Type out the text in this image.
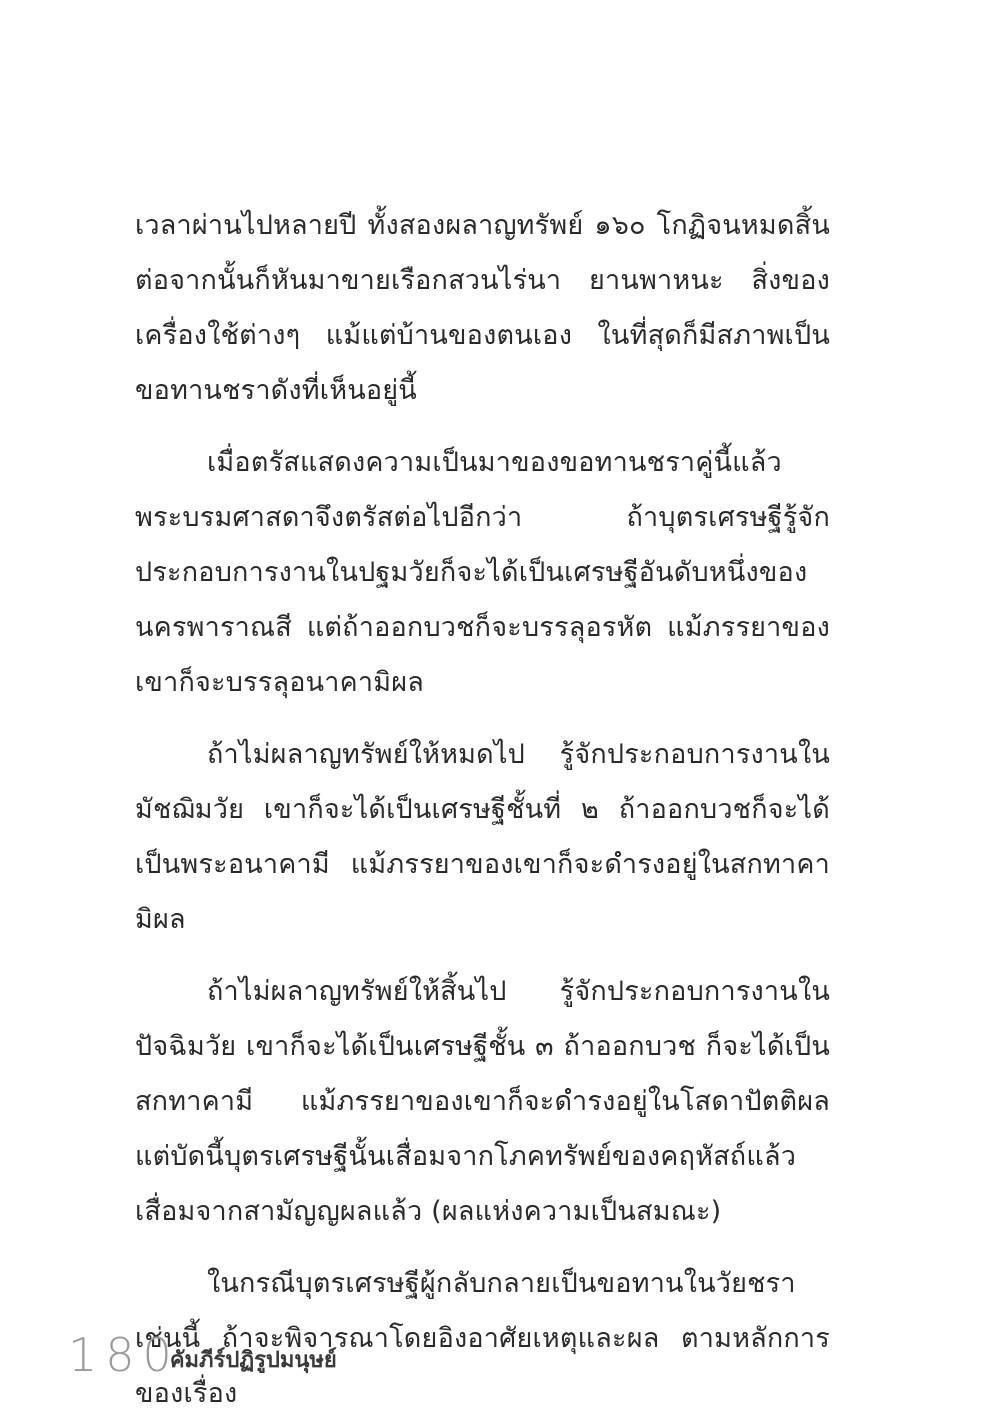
เวลาผ่านไปหลายปี ทั้งสองผลาญทรัพย์ ๑๖๐ โกฏิจนหมดสิ้น ต่อจากนั้นก็หันมาขายเรือกสวนไร่นา ยานพาหนะ สิ่งของเครื่องใช้ต่างๆ แม้แต่บ้านของตนเอง ในที่สุดก็มีสภาพเป็นขอทานชราดังที่เห็นอยู่นี้

เมื่อตรัสแสดงความเป็นมาของขอทานชราคู่นี้แล้ว พระบรมศาสดาจึงตรัสต่อไปอีกว่า ถ้าบุตรเศรษฐีรู้จักประกอบการงานในปฐมวัยก็จะได้เป็นเศรษฐีอันดับหนึ่งของนครพาราณสี แต่ถ้าออกบวชก็จะบรรลุอรหัต แม้ภรรยาของเขาก็จะบรรลุอนาคามิผล

ถ้าไม่ผลาญทรัพย์ให้หมดไป รู้จักประกอบการงานในมัชฌิมวัย เขาก็จะได้เป็นเศรษฐีชั้นที่ ๒ ถ้าออกบวชก็จะได้เป็นพระอนาคามี แม้ภรรยาของเขาก็จะดำรงอยู่ในสกทาคามิผล

ถ้าไม่ผลาญทรัพย์ให้สิ้นไป รู้จักประกอบการงานในปัจฉิมวัย เขาก็จะได้เป็นเศรษฐีชั้น ๓ ถ้าออกบวช ก็จะได้เป็นสกทาคามี แม้ภรรยาของเขาก็จะดำรงอยู่ในโสดาปัตติผล แต่บัดนี้บุตรเศรษฐีนั้นเสื่อมจากโภคทรัพย์ของคฤหัสถ์แล้ว เสื่อมจากสามัญญผลแล้ว (ผลแห่งความเป็นสมณะ)

ในกรณีบุตรเศรษฐีผู้กลับกลายเป็นขอทานในวัยชราเช่นนี้ ถ้าจะพิจารณาโดยอิงอาศัยเหตุและผล ตามหลักการของเรื่อง

180
คัมภีร์ปฏิรูปมนุษย์
